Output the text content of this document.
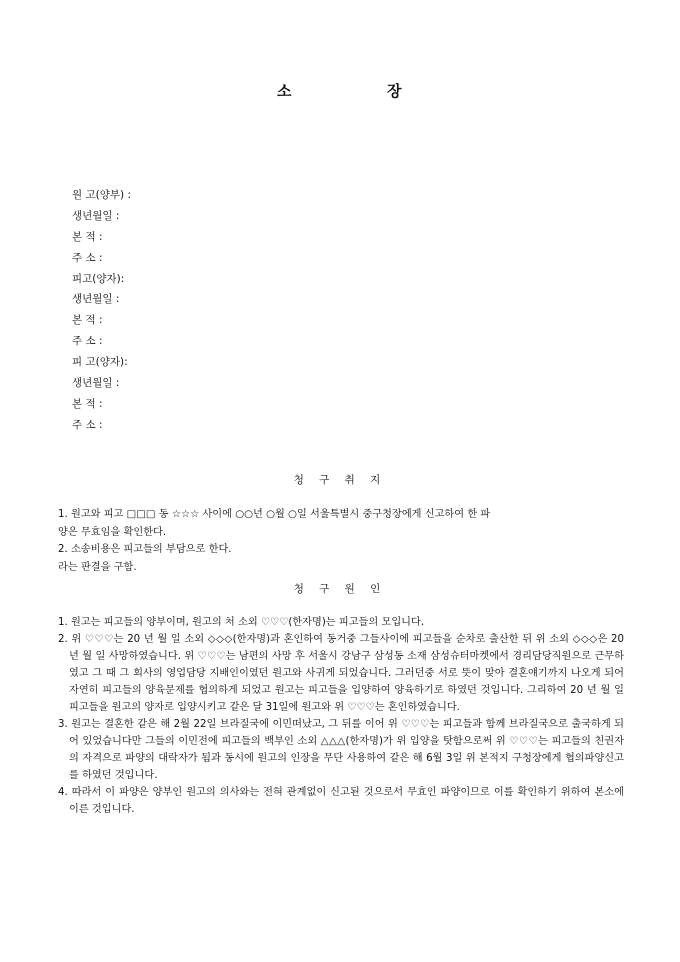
소	장
원 고(양부) :
생년월일 :
본 적 :
주 소 :
피고(양자):
생년월일 :
본 적 :
주 소 :
피 고(양자):
생년월일 :
본 적 :
주 소 :
청 구 취 지
1. 원고와 피고 □□□ 동 ☆☆☆ 사이에 ○○년 ○월 ○일 서울특별시 중구청장에게 신고하여 한 파
양은 무효임을 확인한다.
2. 소송비용은 피고들의 부담으로 한다.
라는 판결을 구함.
청 구 원 인
1. 원고는 피고들의 양부이며, 원고의 처 소외 ♡♡♡(한자명)는 피고들의 모입니다.
2. 위 ♡♡♡는 20 년 월 일 소외 ◇◇◇(한자명)과 혼인하여 동거중 그들사이에 피고들을 순차로 출산한 뒤 위 소외 ◇◇◇은 20 년 월 일 사망하였습니다. 위 ♡♡♡는 남편의 사망 후 서울시 강남구 삼성동 소재 삼성슈터마켓에서 경리담당직원으로 근무하였고 그 때 그 회사의 영업담당 지배인이였던 원고와 사귀게 되었습니다. 그러던중 서로 뜻이 맞아 결혼얘기까지 나오게 되어 자연히 피고들의 양육문제를 협의하게 되었고 원고는 피고들을 입양하여 양육하기로 하였던 것입니다. 그리하여 20 년 월 일 피고들을 원고의 양자로 입양시키고 같은 달 31일에 원고와 위 ♡♡♡는 혼인하였습니다.
3. 원고는 결혼한 같은 해 2월 22일 브라질국에 이민떠났고, 그 뒤를 이어 위 ♡♡♡는 피고들과 함께 브라질국으로 출국하게 되어 있었습니다만 그들의 이민전에 피고들의 백부인 소외 △△△(한자명)가 위 입양을 탓함으로써 위 ♡♡♡는 피고들의 친권자의 자격으로 파양의 대락자가 됨과 동시에 원고의 인장을 무단 사용하여 같은 해 6월 3일 위 본적지 구청장에게 협의파양신고를 하였던 것입니다.
4. 따라서 이 파양은 양부인 원고의 의사와는 전혀 관계없이 신고된 것으로서 무효인 파양이므로 이를 확인하기 위하여 본소에 이른 것입니다.
